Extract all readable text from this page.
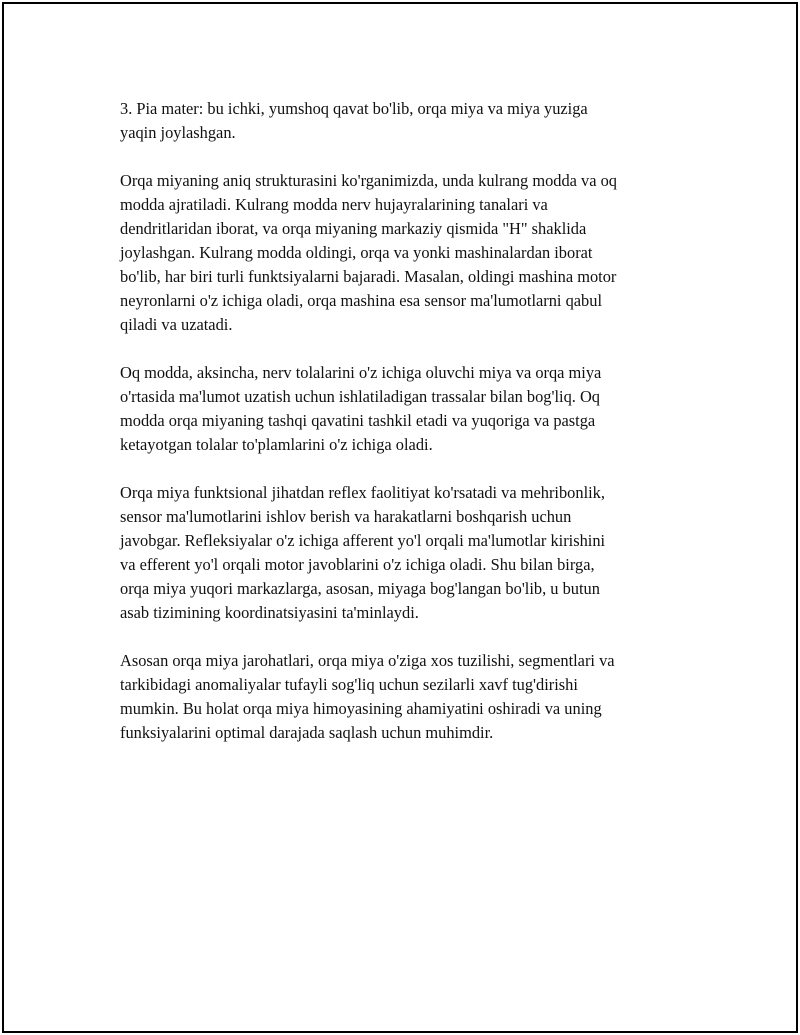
3. Pia mater: bu ichki, yumshoq qavat bo'lib, orqa miya va miya yuziga
yaqin joylashgan.

Orqa miyaning aniq strukturasini ko'rganimizda, unda kulrang modda va oq
modda ajratiladi. Kulrang modda nerv hujayralarining tanalari va
dendritlaridan iborat, va orqa miyaning markaziy qismida "H" shaklida
joylashgan. Kulrang modda oldingi, orqa va yonki mashinalardan iborat
bo'lib, har biri turli funktsiyalarni bajaradi. Masalan, oldingi mashina motor
neyronlarni o'z ichiga oladi, orqa mashina esa sensor ma'lumotlarni qabul
qiladi va uzatadi.

Oq modda, aksincha, nerv tolalarini o'z ichiga oluvchi miya va orqa miya
o'rtasida ma'lumot uzatish uchun ishlatiladigan trassalar bilan bog'liq. Oq
modda orqa miyaning tashqi qavatini tashkil etadi va yuqoriga va pastga
ketayotgan tolalar to'plamlarini o'z ichiga oladi.

Orqa miya funktsional jihatdan reflex faolitiyat ko'rsatadi va mehribonlik,
sensor ma'lumotlarini ishlov berish va harakatlarni boshqarish uchun
javobgar. Refleksiyalar o'z ichiga afferent yo'l orqali ma'lumotlar kirishini
va efferent yo'l orqali motor javoblarini o'z ichiga oladi. Shu bilan birga,
orqa miya yuqori markazlarga, asosan, miyaga bog'langan bo'lib, u butun
asab tizimining koordinatsiyasini ta'minlaydi.

Asosan orqa miya jarohatlari, orqa miya o'ziga xos tuzilishi, segmentlari va
tarkibidagi anomaliyalar tufayli sog'liq uchun sezilarli xavf tug'dirishi
mumkin. Bu holat orqa miya himoyasining ahamiyatini oshiradi va uning
funksiyalarini optimal darajada saqlash uchun muhimdir.
